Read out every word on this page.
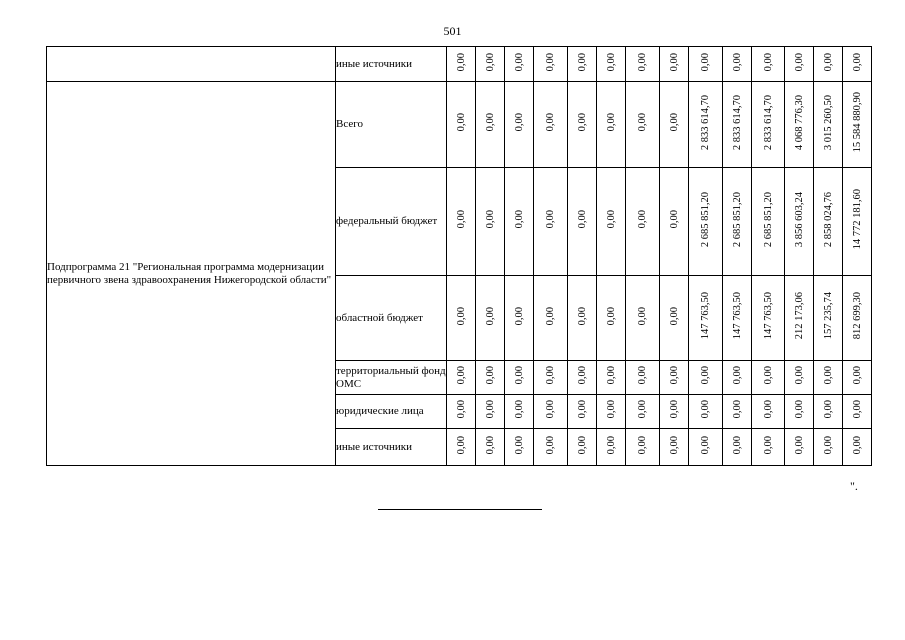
501
	иные источники	0,00	0,00	0,00	0,00	0,00	0,00	0,00	0,00	0,00	0,00	0,00	0,00	0,00	0,00
Подпрограмма 21 "Региональная программа модернизации первичного звена здравоохранения Нижегородской области"	Всего	0,00	0,00	0,00	0,00	0,00	0,00	0,00	0,00	2 833 614,70	2 833 614,70	2 833 614,70	4 068 776,30	3 015 260,50	15 584 880,90
	федеральный бюджет	0,00	0,00	0,00	0,00	0,00	0,00	0,00	0,00	2 685 851,20	2 685 851,20	2 685 851,20	3 856 603,24	2 858 024,76	14 772 181,60
	областной бюджет	0,00	0,00	0,00	0,00	0,00	0,00	0,00	0,00	147 763,50	147 763,50	147 763,50	212 173,06	157 235,74	812 699,30
	территориальный фонд ОМС	0,00	0,00	0,00	0,00	0,00	0,00	0,00	0,00	0,00	0,00	0,00	0,00	0,00	0,00
	юридические лица	0,00	0,00	0,00	0,00	0,00	0,00	0,00	0,00	0,00	0,00	0,00	0,00	0,00	0,00
	иные источники	0,00	0,00	0,00	0,00	0,00	0,00	0,00	0,00	0,00	0,00	0,00	0,00	0,00	0,00
".
